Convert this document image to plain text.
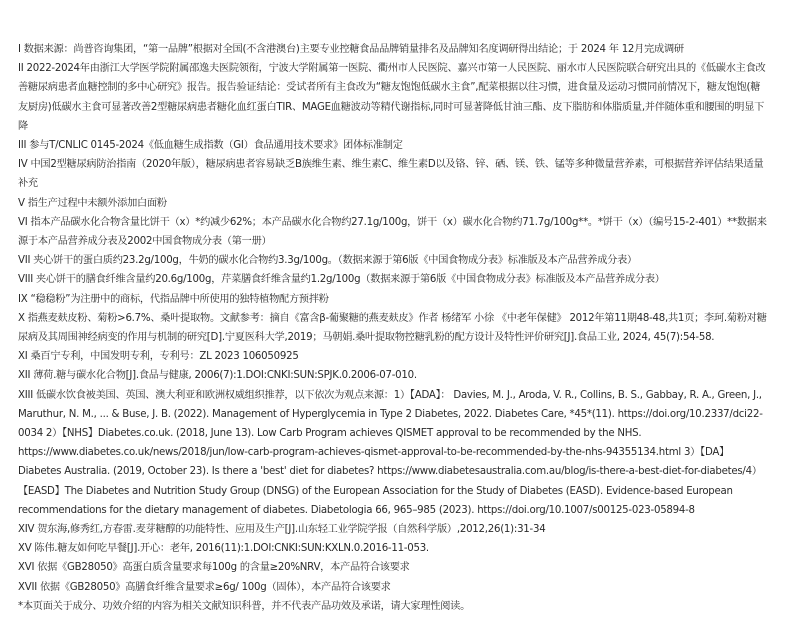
I 数据来源：尚普咨询集团，“第一品牌”根据对全国(不含港澳台)主要专业控糖食品品牌销量排名及品牌知名度调研得出结论；于 2024 年 12月完成调研

II 2022-2024年由浙江大学医学院附属邵逸夫医院领衔，宁波大学附属第一医院、衢州市人民医院、嘉兴市第一人民医院、丽水市人民医院联合研究出具的《低碳水主食改善糖尿病患者血糖控制的多中心研究》报告。报告验证结论：受试者所有主食改为“糖友饱饱低碳水主食”,配菜根据以往习惯，进食量及运动习惯同前情况下，糖友饱饱(糖友厨房)低碳水主食可显著改善2型糖尿病患者糖化血红蛋白TIR、MAGE血糖波动等精代谢指标,同时可显著降低甘油三酯、皮下脂肪和体脂质量,并伴随体重和腰围的明显下降

III 参与T/CNLIC 0145-2024《低血糖生成指数（GI）食品通用技术要求》团体标准制定

IV 中国2型糖尿病防治指南（2020年版），糖尿病患者容易缺乏B族维生素、维生素C、维生素D以及铬、锌、硒、镁、铁、锰等多种微量营养素，可根据营养评估结果适量补充

V 指生产过程中未额外添加白面粉

VI 指本产品碳水化合物含量比饼干（x）*约减少62%；本产品碳水化合物约27.1g/100g，饼干（x）碳水化合物约71.7g/100g**。*饼干（x）（编号15-2-401）**数据来源于本产品营养成分表及2002中国食物成分表（第一册）

VII 夹心饼干的蛋白质约23.2g/100g，牛奶的碳水化合物约3.3g/100g。（数据来源于第6版《中国食物成分表》标准版及本产品营养成分表）

VIII 夹心饼干的膳食纤维含量约20.6g/100g，芹菜膳食纤维含量约1.2g/100g（数据来源于第6版《中国食物成分表》标准版及本产品营养成分表）

IX “稳稳粉”为注册中的商标，代指品牌中所使用的独特植物配方预拌粉

X 指燕麦麸皮粉、菊粉>6.7%、桑叶提取物。文献参考：摘自《富含β-葡聚糖的燕麦麸皮》作者 杨绪军 小徐 《中老年保健》 2012年第11期48-48,共1页；李珂.菊粉对糖尿病及其周围神经病变的作用与机制的研究[D].宁夏医科大学,2019；马朝娟.桑叶提取物控糖乳粉的配方设计及特性评价研究[J].食品工业, 2024, 45(7):54-58.

XI 桑百宁专利，中国发明专利，专利号：ZL 2023 106050925

XII 薄荷.糖与碳水化合物[J].食品与健康, 2006(7):1.DOI:CNKI:SUN:SPJK.0.2006-07-010.

XIII 低碳水饮食被美国、英国、澳大利亚和欧洲权威组织推荐，以下依次为观点来源：1）【ADA】： Davies, M. J., Aroda, V. R., Collins, B. S., Gabbay, R. A., Green, J., Maruthur, N. M., ... & Buse, J. B. (2022). Management of Hyperglycemia in Type 2 Diabetes, 2022. Diabetes Care, *45*(11). https://doi.org/10.2337/dci22-0034 2）【NHS】Diabetes.co.uk. (2018, June 13). Low Carb Program achieves QISMET approval to be recommended by the NHS. https://www.diabetes.co.uk/news/2018/jun/low-carb-program-achieves-qismet-approval-to-be-recommended-by-the-nhs-94355134.html 3）【DA】Diabetes Australia. (2019, October 23). Is there a 'best' diet for diabetes? https://www.diabetesaustralia.com.au/blog/is-there-a-best-diet-for-diabetes/4）【EASD】The Diabetes and Nutrition Study Group (DNSG) of the European Association for the Study of Diabetes (EASD). Evidence-based European recommendations for the dietary management of diabetes. Diabetologia 66, 965–985 (2023). https://doi.org/10.1007/s00125-023-05894-8

XIV 贺东海,修秀红,方春雷.麦芽糖醇的功能特性、应用及生产[J].山东轻工业学院学报（自然科学版）,2012,26(1):31-34

XV 陈伟.糖友如何吃早餐[J].开心：老年, 2016(11):1.DOI:CNKI:SUN:KXLN.0.2016-11-053.

XVI 依据《GB28050》高蛋白质含量要求每100g 的含量≥20%NRV，本产品符合该要求

XVII 依据《GB28050》高膳食纤维含量要求≥6g/ 100g（固体），本产品符合该要求

*本页面关于成分、功效介绍的内容为相关文献知识科普，并不代表产品功效及承诺，请大家理性阅读。
